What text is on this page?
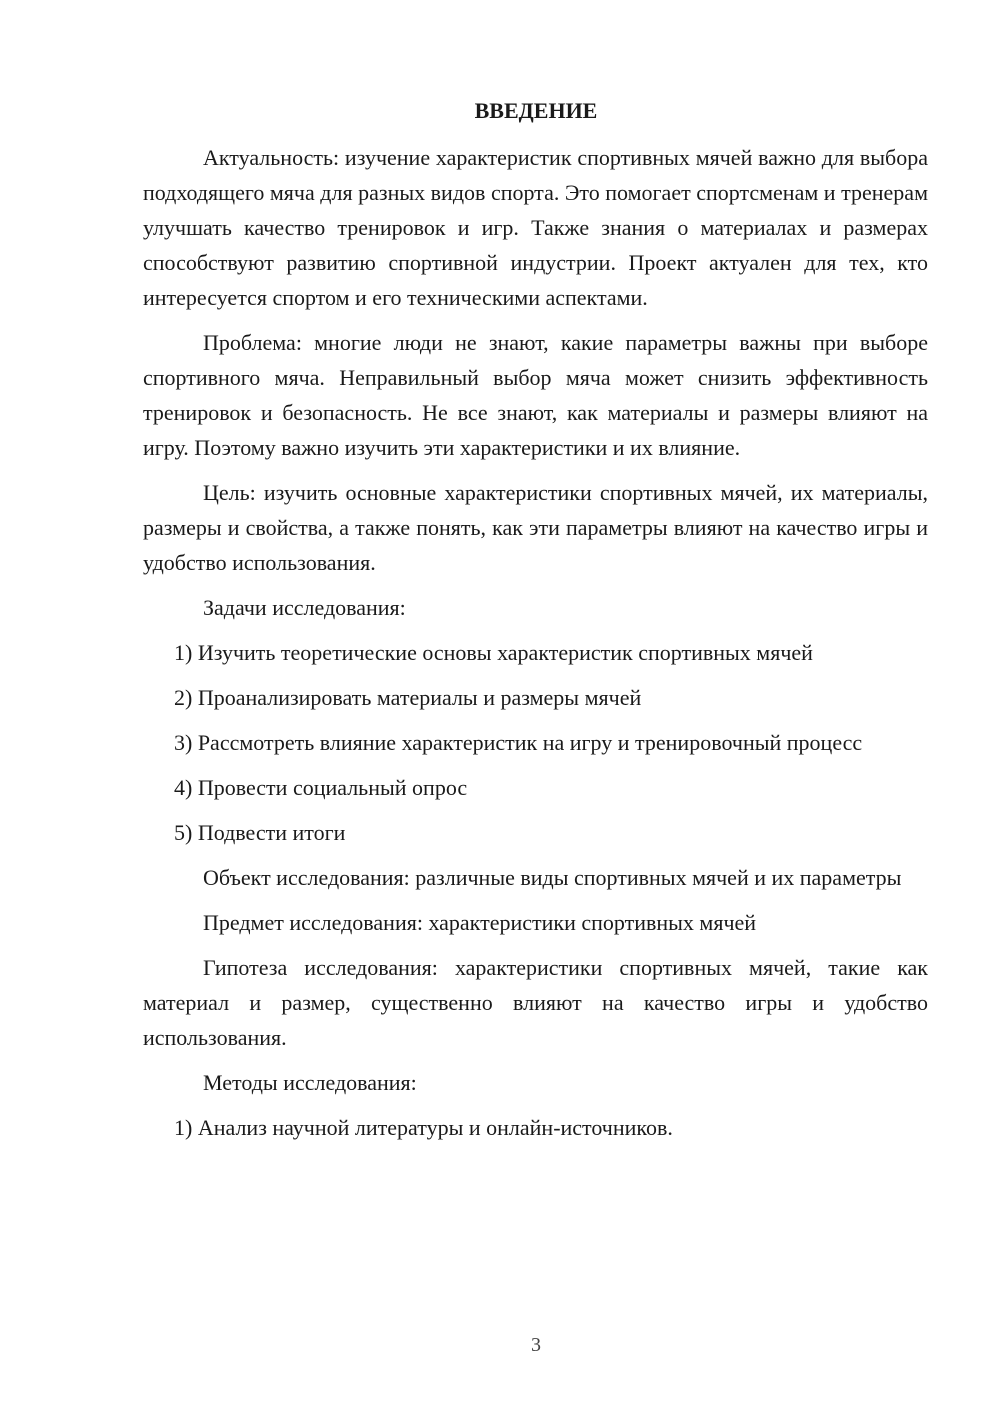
ВВЕДЕНИЕ

Актуальность: изучение характеристик спортивных мячей важно для выбора подходящего мяча для разных видов спорта. Это помогает спортсменам и тренерам улучшать качество тренировок и игр. Также знания о материалах и размерах способствуют развитию спортивной индустрии. Проект актуален для тех, кто интересуется спортом и его техническими аспектами.

Проблема: многие люди не знают, какие параметры важны при выборе спортивного мяча. Неправильный выбор мяча может снизить эффективность тренировок и безопасность. Не все знают, как материалы и размеры влияют на игру. Поэтому важно изучить эти характеристики и их влияние.

Цель: изучить основные характеристики спортивных мячей, их материалы, размеры и свойства, а также понять, как эти параметры влияют на качество игры и удобство использования.

Задачи исследования:

1) Изучить теоретические основы характеристик спортивных мячей

2) Проанализировать материалы и размеры мячей

3) Рассмотреть влияние характеристик на игру и тренировочный процесс

4) Провести социальный опрос

5) Подвести итоги

Объект исследования: различные виды спортивных мячей и их параметры

Предмет исследования: характеристики спортивных мячей

Гипотеза исследования: характеристики спортивных мячей, такие как материал и размер, существенно влияют на качество игры и удобство использования.

Методы исследования:

1) Анализ научной литературы и онлайн-источников.

3
